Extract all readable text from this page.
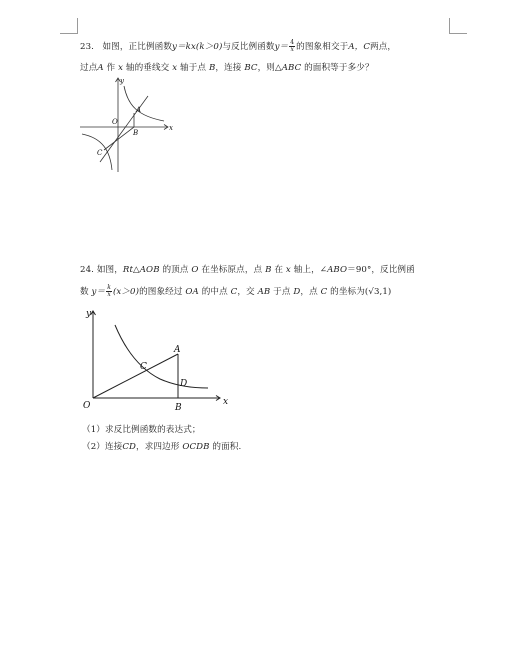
23. 如图，正比例函数y＝kx(k＞0)与反比例函数$y= \frac{4}{x}$ 的图象相交于A，C两点，
过点A 作 x 轴的垂线交 x 轴于点 B，连接 BC，则△ABC 的面积等于多少？
y
x
A
O
B
C
24. 如图，Rt△AOB 的顶点 O 在坐标原点，点 B 在 x 轴上，∠ABO＝90°，反比例函
数 $y= \frac{k}{x} (x>0)$的图象经过 OA 的中点 C，交 AB 于点 D，点 C 的坐标为(√3,1)
y
x
O	B
A
C
D
（1）求反比例函数的表达式；
（2）连接CD，求四边形 OCDB 的面积.
